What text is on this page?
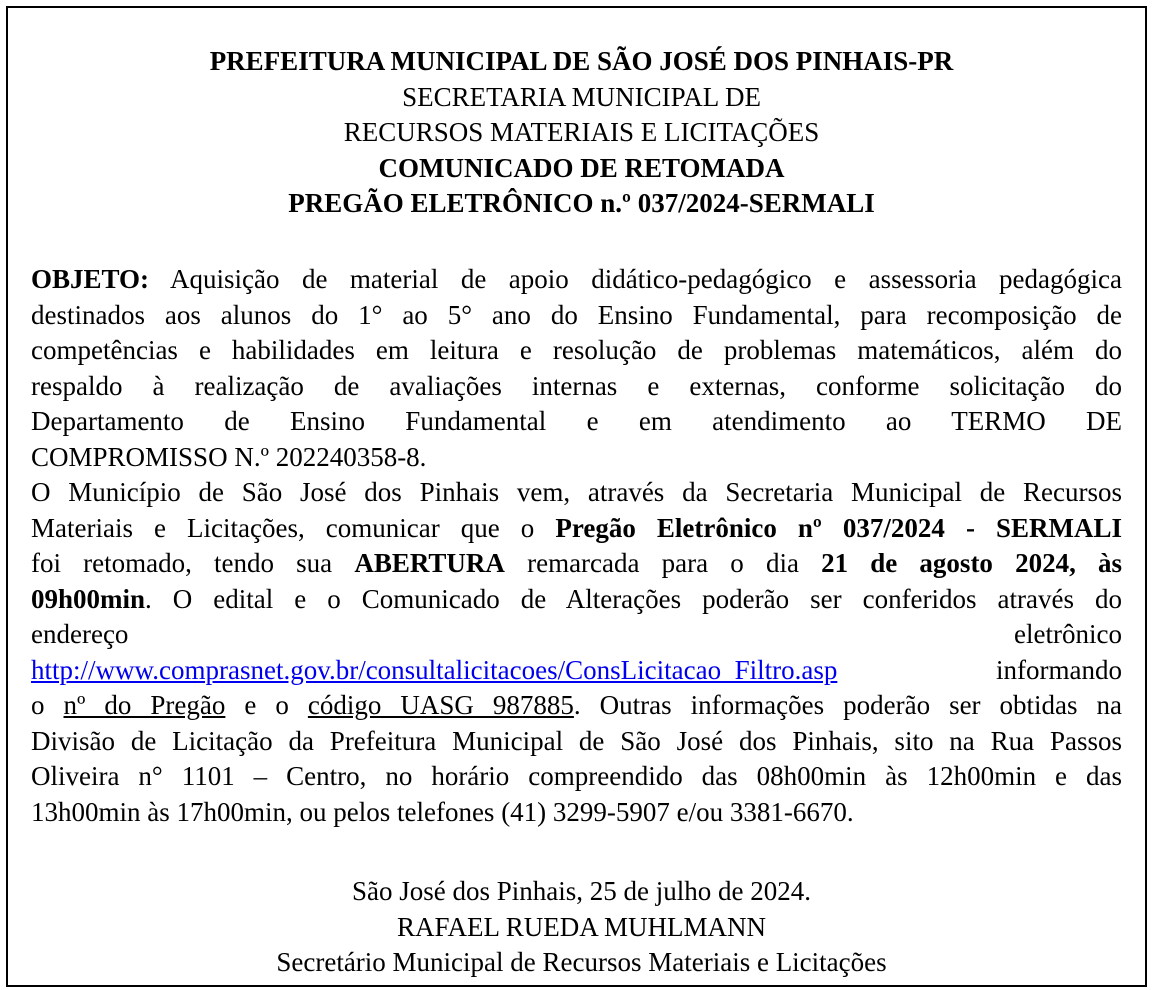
PREFEITURA MUNICIPAL DE SÃO JOSÉ DOS PINHAIS-PR
SECRETARIA MUNICIPAL DE
RECURSOS MATERIAIS E LICITAÇÕES
COMUNICADO DE RETOMADA
PREGÃO ELETRÔNICO n.º 037/2024-SERMALI
OBJETO: Aquisição de material de apoio didático-pedagógico e assessoria pedagógica
destinados aos alunos do 1° ao 5° ano do Ensino Fundamental, para recomposição de
competências e habilidades em leitura e resolução de problemas matemáticos, além do
respaldo à realização de avaliações internas e externas, conforme solicitação do
Departamento de Ensino Fundamental e em atendimento ao TERMO DE
COMPROMISSO N.º 202240358-8.
O Município de São José dos Pinhais vem, através da Secretaria Municipal de Recursos
Materiais e Licitações, comunicar que o Pregão Eletrônico nº 037/2024 - SERMALI
foi retomado, tendo sua ABERTURA remarcada para o dia 21 de agosto 2024, às
09h00min. O edital e o Comunicado de Alterações poderão ser conferidos através do
endereço	eletrônico
http://www.comprasnet.gov.br/consultalicitacoes/ConsLicitacao_Filtro.asp	informando
o nº do Pregão e o código UASG 987885. Outras informações poderão ser obtidas na
Divisão de Licitação da Prefeitura Municipal de São José dos Pinhais, sito na Rua Passos
Oliveira n° 1101 – Centro, no horário compreendido das 08h00min às 12h00min e das
13h00min às 17h00min, ou pelos telefones (41) 3299-5907 e/ou 3381-6670.
São José dos Pinhais, 25 de julho de 2024.
RAFAEL RUEDA MUHLMANN
Secretário Municipal de Recursos Materiais e Licitações
